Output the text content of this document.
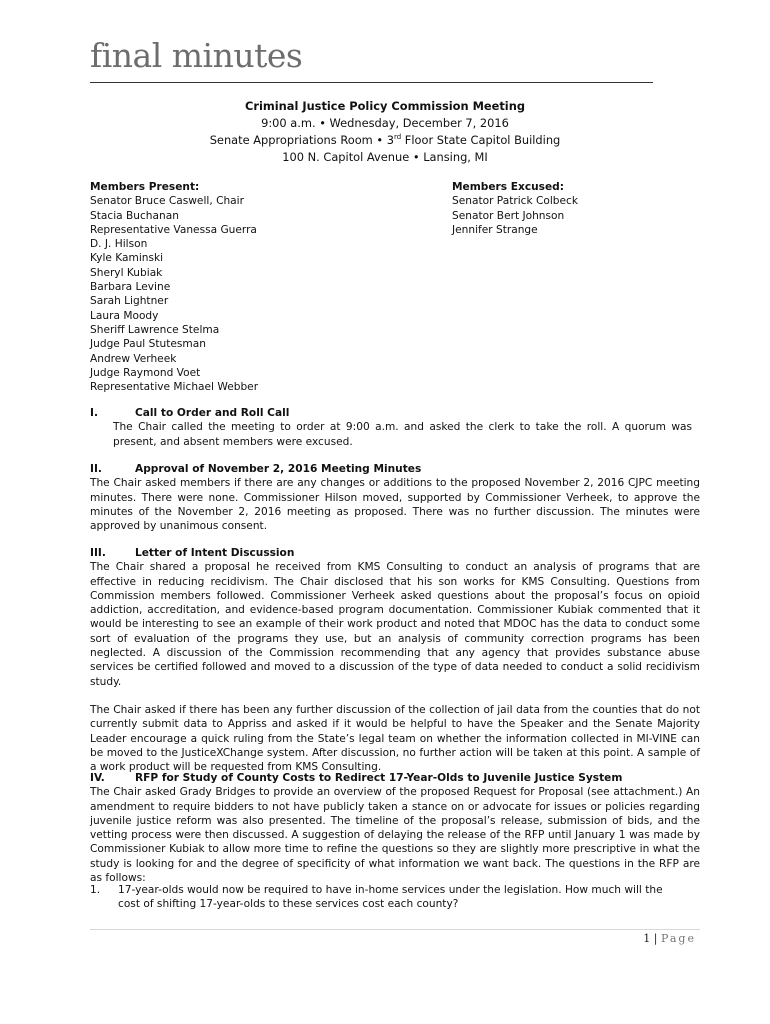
final minutes
Criminal Justice Policy Commission Meeting
9:00 a.m. • Wednesday, December 7, 2016
Senate Appropriations Room • 3rd Floor State Capitol Building
100 N. Capitol Avenue • Lansing, MI
Members Present:
Senator Bruce Caswell, Chair
Stacia Buchanan
Representative Vanessa Guerra
D. J. Hilson
Kyle Kaminski
Sheryl Kubiak
Barbara Levine
Sarah Lightner
Laura Moody
Sheriff Lawrence Stelma
Judge Paul Stutesman
Andrew Verheek
Judge Raymond Voet
Representative Michael Webber
Members Excused:
Senator Patrick Colbeck
Senator Bert Johnson
Jennifer Strange
I.	Call to Order and Roll Call
The Chair called the meeting to order at 9:00 a.m. and asked the clerk to take the roll. A quorum was present, and absent members were excused.
II.	Approval of November 2, 2016 Meeting Minutes
The Chair asked members if there are any changes or additions to the proposed November 2, 2016 CJPC meeting minutes. There were none. Commissioner Hilson moved, supported by Commissioner Verheek, to approve the minutes of the November 2, 2016 meeting as proposed. There was no further discussion. The minutes were approved by unanimous consent.
III.	Letter of Intent Discussion
The Chair shared a proposal he received from KMS Consulting to conduct an analysis of programs that are effective in reducing recidivism. The Chair disclosed that his son works for KMS Consulting. Questions from Commission members followed. Commissioner Verheek asked questions about the proposal’s focus on opioid addiction, accreditation, and evidence-based program documentation. Commissioner Kubiak commented that it would be interesting to see an example of their work product and noted that MDOC has the data to conduct some sort of evaluation of the programs they use, but an analysis of community correction programs has been neglected. A discussion of the Commission recommending that any agency that provides substance abuse services be certified followed and moved to a discussion of the type of data needed to conduct a solid recidivism study.
The Chair asked if there has been any further discussion of the collection of jail data from the counties that do not currently submit data to Appriss and asked if it would be helpful to have the Speaker and the Senate Majority Leader encourage a quick ruling from the State’s legal team on whether the information collected in MI-VINE can be moved to the JusticeXChange system. After discussion, no further action will be taken at this point. A sample of a work product will be requested from KMS Consulting.
IV.	RFP for Study of County Costs to Redirect 17-Year-Olds to Juvenile Justice System
The Chair asked Grady Bridges to provide an overview of the proposed Request for Proposal (see attachment.) An amendment to require bidders to not have publicly taken a stance on or advocate for issues or policies regarding juvenile justice reform was also presented. The timeline of the proposal’s release, submission of bids, and the vetting process were then discussed. A suggestion of delaying the release of the RFP until January 1 was made by Commissioner Kubiak to allow more time to refine the questions so they are slightly more prescriptive in what the study is looking for and the degree of specificity of what information we want back. The questions in the RFP are as follows:
1. 17-year-olds would now be required to have in-home services under the legislation. How much will the cost of shifting 17-year-olds to these services cost each county?
1 | Page
